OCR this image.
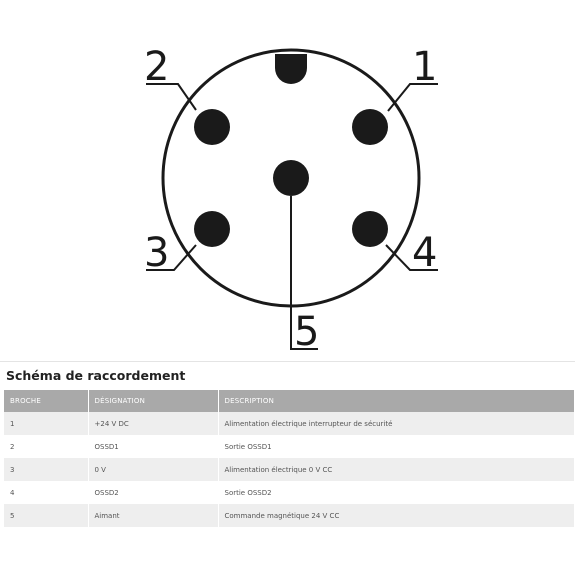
1
2
3	4
5
Schéma de raccordement
BROCHE	DÉSIGNATION	DESCRIPTION
1	+24 V DC	Alimentation électrique interrupteur de sécurité
2	OSSD1	Sortie OSSD1
3	0 V	Alimentation électrique 0 V CC
4	OSSD2	Sortie OSSD2
5	Aimant	Commande magnétique 24 V CC
